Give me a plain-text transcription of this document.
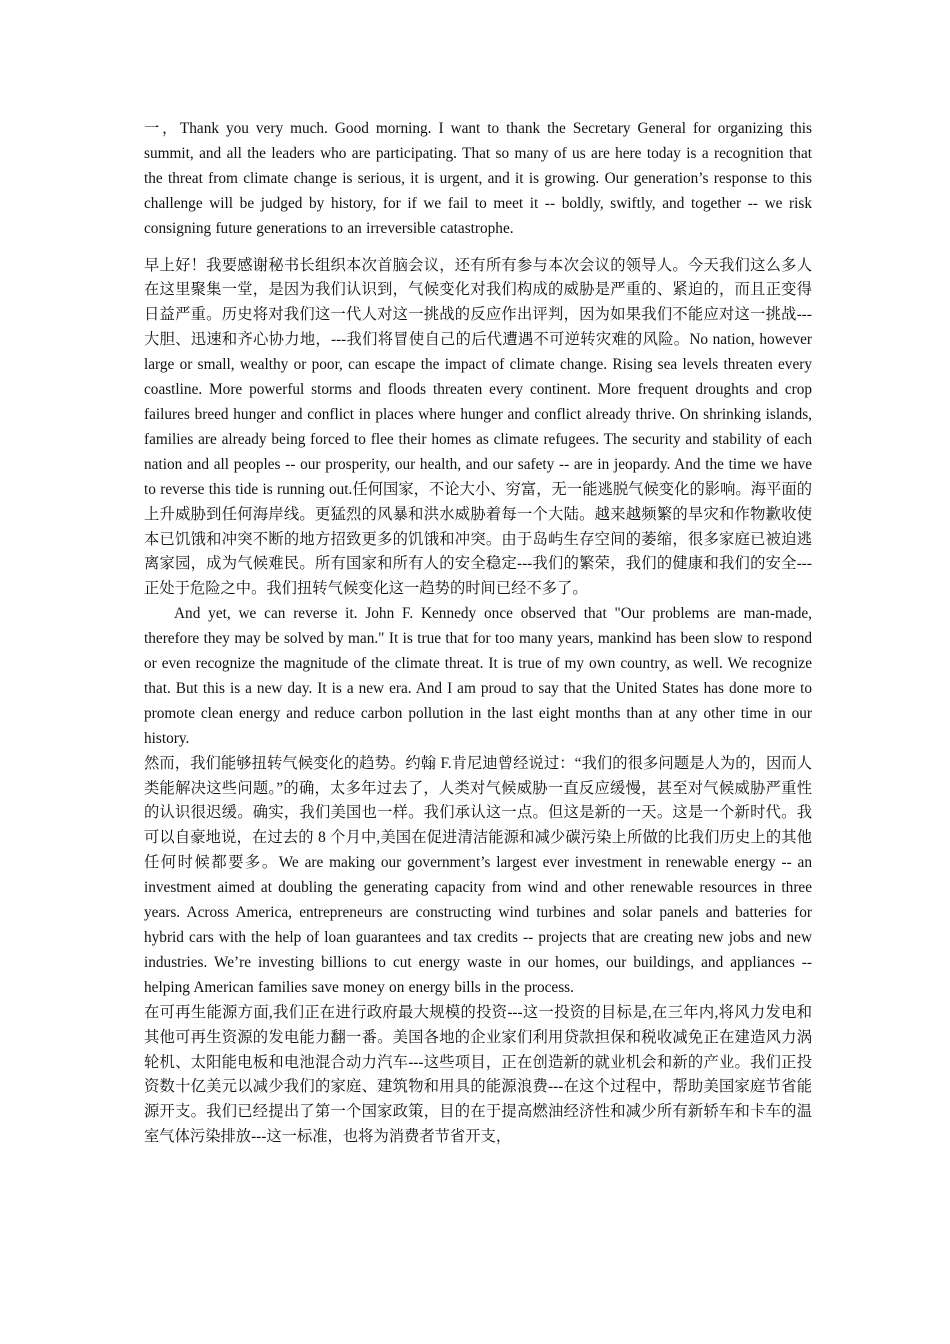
一，Thank you very much. Good morning. I want to thank the Secretary General for organizing this summit, and all the leaders who are participating. That so many of us are here today is a recognition that the threat from climate change is serious, it is urgent, and it is growing. Our generation’s response to this challenge will be judged by history, for if we fail to meet it -- boldly, swiftly, and together -- we risk consigning future generations to an irreversible catastrophe.

早上好！我要感谢秘书长组织本次首脑会议，还有所有参与本次会议的领导人。今天我们这么多人在这里聚集一堂，是因为我们认识到，气候变化对我们构成的威胁是严重的、紧迫的，而且正变得日益严重。历史将对我们这一代人对这一挑战的反应作出评判，因为如果我们不能应对这一挑战---大胆、迅速和齐心协力地，---我们将冒使自己的后代遭遇不可逆转灾难的风险。No nation, however large or small, wealthy or poor, can escape the impact of climate change. Rising sea levels threaten every coastline. More powerful storms and floods threaten every continent. More frequent droughts and crop failures breed hunger and conflict in places where hunger and conflict already thrive. On shrinking islands, families are already being forced to flee their homes as climate refugees. The security and stability of each nation and all peoples -- our prosperity, our health, and our safety -- are in jeopardy. And the time we have to reverse this tide is running out.任何国家，不论大小、穷富，无一能逃脱气候变化的影响。海平面的上升威胁到任何海岸线。更猛烈的风暴和洪水威胁着每一个大陆。越来越频繁的旱灾和作物歉收使本已饥饿和冲突不断的地方招致更多的饥饿和冲突。由于岛屿生存空间的萎缩，很多家庭已被迫逃离家园，成为气候难民。所有国家和所有人的安全稳定---我们的繁荣，我们的健康和我们的安全---正处于危险之中。我们扭转气候变化这一趋势的时间已经不多了。

And yet, we can reverse it. John F. Kennedy once observed that "Our problems are man-made, therefore they may be solved by man." It is true that for too many years, mankind has been slow to respond or even recognize the magnitude of the climate threat. It is true of my own country, as well. We recognize that. But this is a new day. It is a new era. And I am proud to say that the United States has done more to promote clean energy and reduce carbon pollution in the last eight months than at any other time in our history.

然而，我们能够扭转气候变化的趋势。约翰 F.肯尼迪曾经说过：“我们的很多问题是人为的，因而人类能解决这些问题。”的确，太多年过去了，人类对气候威胁一直反应缓慢，甚至对气候威胁严重性的认识很迟缓。确实，我们美国也一样。我们承认这一点。但这是新的一天。这是一个新时代。我可以自豪地说，在过去的 8 个月中,美国在促进清洁能源和减少碳污染上所做的比我们历史上的其他任何时候都要多。We are making our government’s largest ever investment in renewable energy -- an investment aimed at doubling the generating capacity from wind and other renewable resources in three years. Across America, entrepreneurs are constructing wind turbines and solar panels and batteries for hybrid cars with the help of loan guarantees and tax credits -- projects that are creating new jobs and new industries. We’re investing billions to cut energy waste in our homes, our buildings, and appliances -- helping American families save money on energy bills in the process.

在可再生能源方面,我们正在进行政府最大规模的投资---这一投资的目标是,在三年内,将风力发电和其他可再生资源的发电能力翻一番。美国各地的企业家们利用贷款担保和税收减免正在建造风力涡轮机、太阳能电板和电池混合动力汽车---这些项目，正在创造新的就业机会和新的产业。我们正投资数十亿美元以减少我们的家庭、建筑物和用具的能源浪费---在这个过程中，帮助美国家庭节省能源开支。我们已经提出了第一个国家政策，目的在于提高燃油经济性和减少所有新轿车和卡车的温室气体污染排放---这一标准，也将为消费者节省开支，
